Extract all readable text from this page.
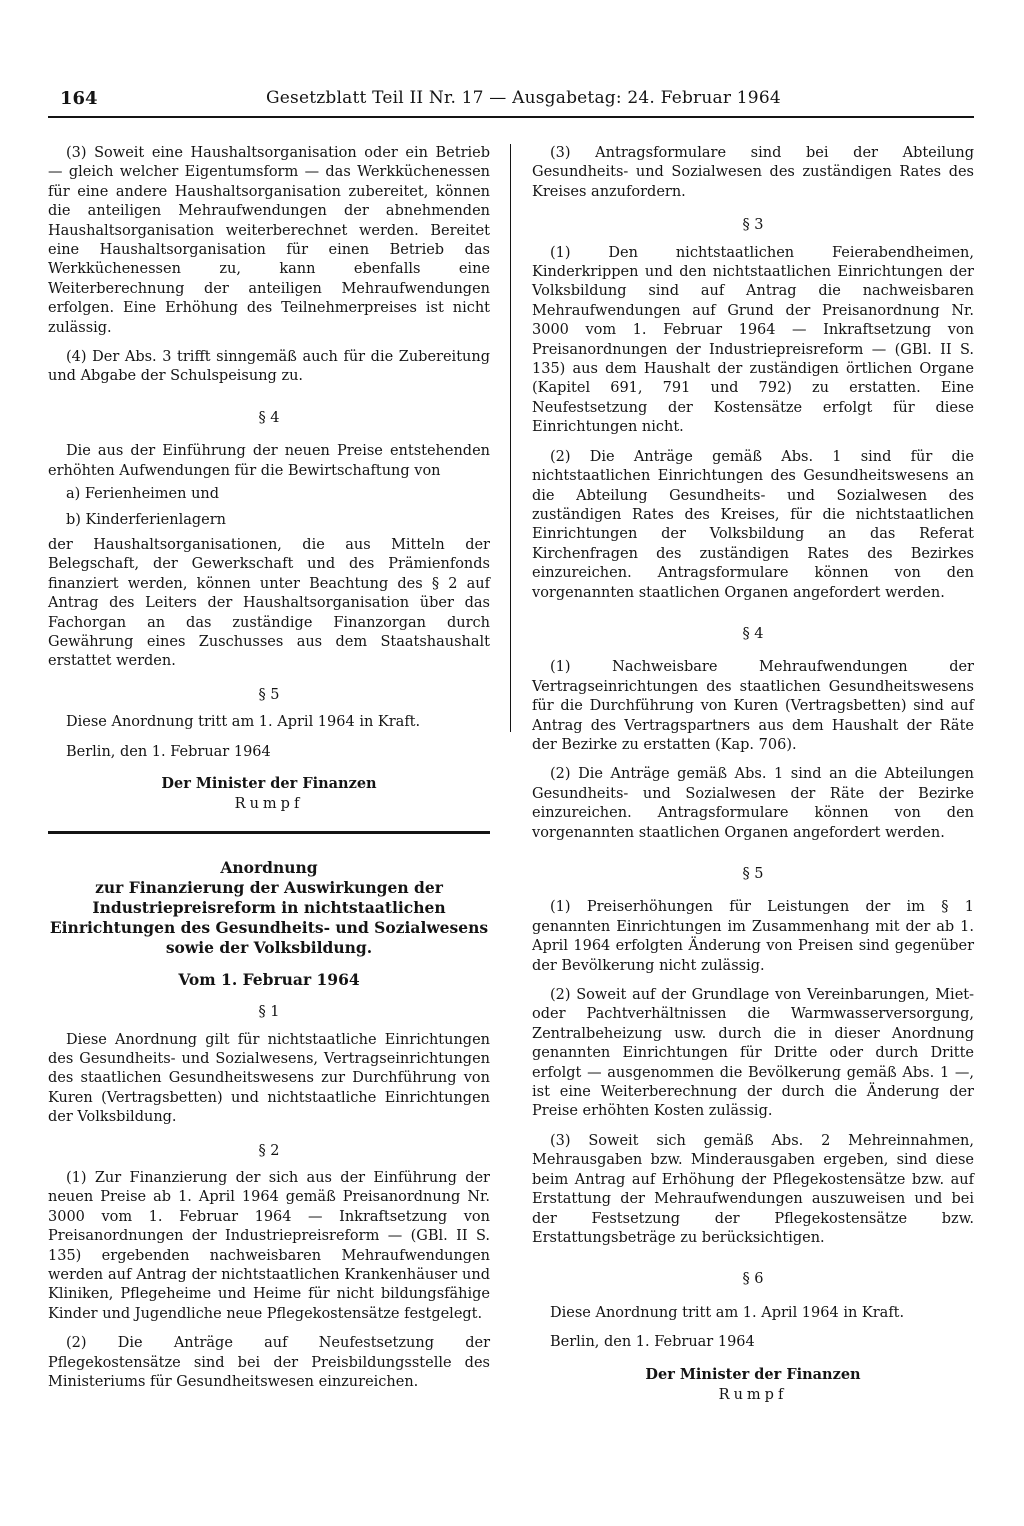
164	Gesetzblatt Teil II Nr. 17 — Ausgabetag: 24. Februar 1964

(3) Soweit eine Haushaltsorganisation oder ein Betrieb — gleich welcher Eigentumsform — das Werkküchenessen für eine andere Haushaltsorganisation zubereitet, können die anteiligen Mehraufwendungen der abnehmenden Haushaltsorganisation weiterberechnet werden. Bereitet eine Haushaltsorganisation für einen Betrieb das Werkküchenessen zu, kann ebenfalls eine Weiterberechnung der anteiligen Mehraufwendungen erfolgen. Eine Erhöhung des Teilnehmerpreises ist nicht zulässig.

(4) Der Abs. 3 trifft sinngemäß auch für die Zubereitung und Abgabe der Schulspeisung zu.

§ 4

Die aus der Einführung der neuen Preise entstehenden erhöhten Aufwendungen für die Bewirtschaftung von

a) Ferienheimen und

b) Kinderferienlagern

der Haushaltsorganisationen, die aus Mitteln der Belegschaft, der Gewerkschaft und des Prämienfonds finanziert werden, können unter Beachtung des § 2 auf Antrag des Leiters der Haushaltsorganisation über das Fachorgan an das zuständige Finanzorgan durch Gewährung eines Zuschusses aus dem Staatshaushalt erstattet werden.

§ 5

Diese Anordnung tritt am 1. April 1964 in Kraft.

Berlin, den 1. Februar 1964

Der Minister der Finanzen

Rumpf

Anordnung
zur Finanzierung der Auswirkungen der Industriepreisreform in nichtstaatlichen Einrichtungen des Gesundheits- und Sozialwesens sowie der Volksbildung.
Vom 1. Februar 1964
§ 1

Diese Anordnung gilt für nichtstaatliche Einrichtungen des Gesundheits- und Sozialwesens, Vertragseinrichtungen des staatlichen Gesundheitswesens zur Durchführung von Kuren (Vertragsbetten) und nichtstaatliche Einrichtungen der Volksbildung.

§ 2

(1) Zur Finanzierung der sich aus der Einführung der neuen Preise ab 1. April 1964 gemäß Preisanordnung Nr. 3000 vom 1. Februar 1964 — Inkraftsetzung von Preisanordnungen der Industriepreisreform — (GBl. II S. 135) ergebenden nachweisbaren Mehraufwendungen werden auf Antrag der nichtstaatlichen Krankenhäuser und Kliniken, Pflegeheime und Heime für nicht bildungsfähige Kinder und Jugendliche neue Pflegekostensätze festgelegt.

(2) Die Anträge auf Neufestsetzung der Pflegekostensätze sind bei der Preisbildungsstelle des Ministeriums für Gesundheitswesen einzureichen.

(3) Antragsformulare sind bei der Abteilung Gesundheits- und Sozialwesen des zuständigen Rates des Kreises anzufordern.

§ 3

(1) Den nichtstaatlichen Feierabendheimen, Kinderkrippen und den nichtstaatlichen Einrichtungen der Volksbildung sind auf Antrag die nachweisbaren Mehraufwendungen auf Grund der Preisanordnung Nr. 3000 vom 1. Februar 1964 — Inkraftsetzung von Preisanordnungen der Industriepreisreform — (GBl. II S. 135) aus dem Haushalt der zuständigen örtlichen Organe (Kapitel 691, 791 und 792) zu erstatten. Eine Neufestsetzung der Kostensätze erfolgt für diese Einrichtungen nicht.

(2) Die Anträge gemäß Abs. 1 sind für die nichtstaatlichen Einrichtungen des Gesundheitswesens an die Abteilung Gesundheits- und Sozialwesen des zuständigen Rates des Kreises, für die nichtstaatlichen Einrichtungen der Volksbildung an das Referat Kirchenfragen des zuständigen Rates des Bezirkes einzureichen. Antragsformulare können von den vorgenannten staatlichen Organen angefordert werden.

§ 4

(1) Nachweisbare Mehraufwendungen der Vertragseinrichtungen des staatlichen Gesundheitswesens für die Durchführung von Kuren (Vertragsbetten) sind auf Antrag des Vertragspartners aus dem Haushalt der Räte der Bezirke zu erstatten (Kap. 706).

(2) Die Anträge gemäß Abs. 1 sind an die Abteilungen Gesundheits- und Sozialwesen der Räte der Bezirke einzureichen. Antragsformulare können von den vorgenannten staatlichen Organen angefordert werden.

§ 5

(1) Preiserhöhungen für Leistungen der im § 1 genannten Einrichtungen im Zusammenhang mit der ab 1. April 1964 erfolgten Änderung von Preisen sind gegenüber der Bevölkerung nicht zulässig.

(2) Soweit auf der Grundlage von Vereinbarungen, Miet- oder Pachtverhältnissen die Warmwasserversorgung, Zentralbeheizung usw. durch die in dieser Anordnung genannten Einrichtungen für Dritte oder durch Dritte erfolgt — ausgenommen die Bevölkerung gemäß Abs. 1 —, ist eine Weiterberechnung der durch die Änderung der Preise erhöhten Kosten zulässig.

(3) Soweit sich gemäß Abs. 2 Mehreinnahmen, Mehrausgaben bzw. Minderausgaben ergeben, sind diese beim Antrag auf Erhöhung der Pflegekostensätze bzw. auf Erstattung der Mehraufwendungen auszuweisen und bei der Festsetzung der Pflegekostensätze bzw. Erstattungsbeträge zu berücksichtigen.

§ 6

Diese Anordnung tritt am 1. April 1964 in Kraft.

Berlin, den 1. Februar 1964

Der Minister der Finanzen

Rumpf
